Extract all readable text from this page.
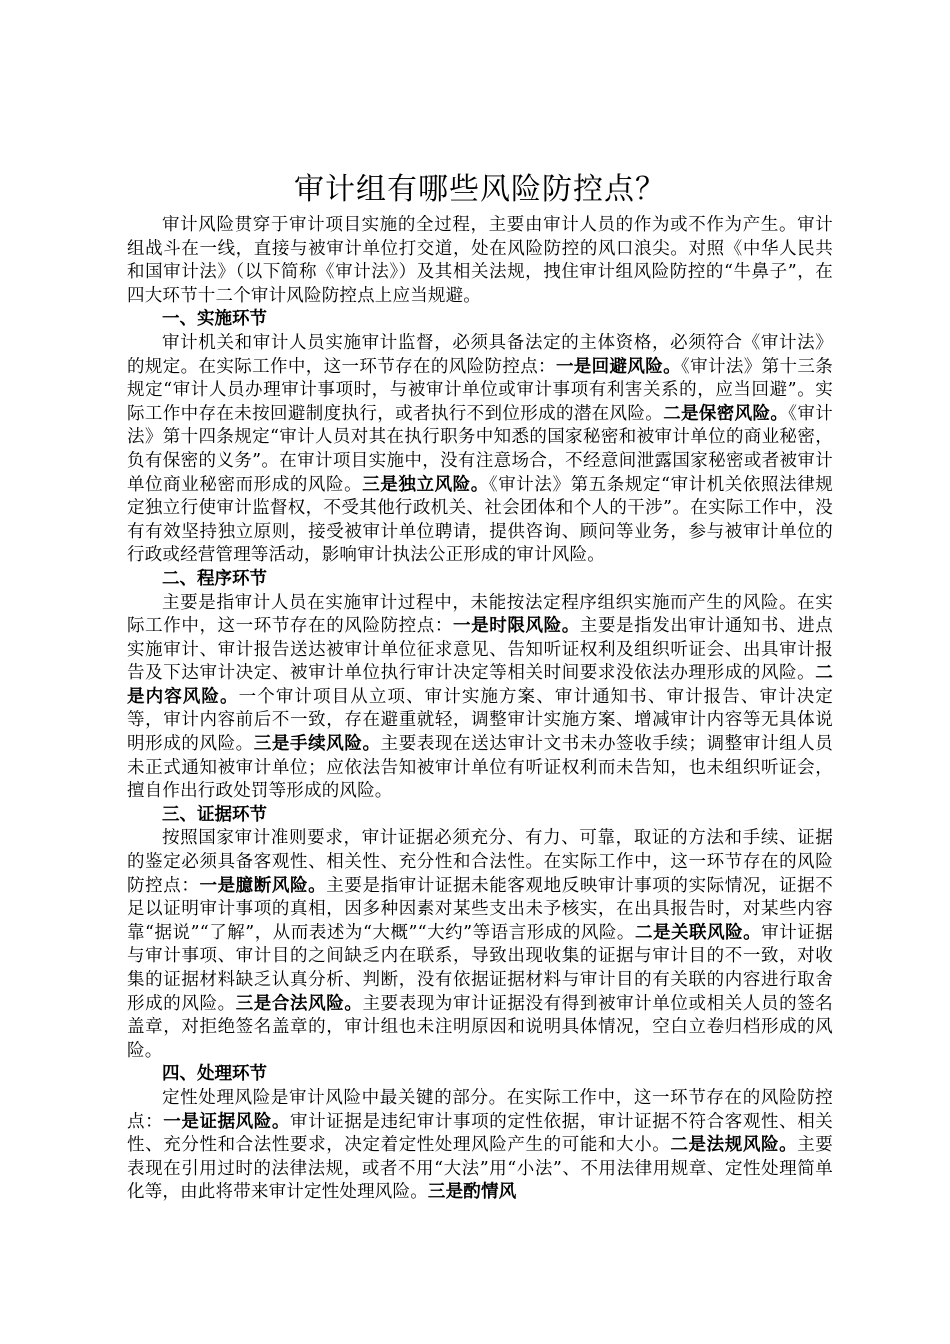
审计组有哪些风险防控点？

审计风险贯穿于审计项目实施的全过程，主要由审计人员的作为或不作为产生。审计组战斗在一线，直接与被审计单位打交道，处在风险防控的风口浪尖。对照《中华人民共和国审计法》（以下简称《审计法》）及其相关法规，拽住审计组风险防控的“牛鼻子”，在四大环节十二个审计风险防控点上应当规避。

一、实施环节

审计机关和审计人员实施审计监督，必须具备法定的主体资格，必须符合《审计法》的规定。在实际工作中，这一环节存在的风险防控点：一是回避风险。《审计法》第十三条规定“审计人员办理审计事项时，与被审计单位或审计事项有利害关系的，应当回避”。实际工作中存在未按回避制度执行，或者执行不到位形成的潜在风险。二是保密风险。《审计法》第十四条规定“审计人员对其在执行职务中知悉的国家秘密和被审计单位的商业秘密，负有保密的义务”。在审计项目实施中，没有注意场合，不经意间泄露国家秘密或者被审计单位商业秘密而形成的风险。三是独立风险。《审计法》第五条规定“审计机关依照法律规定独立行使审计监督权，不受其他行政机关、社会团体和个人的干涉”。在实际工作中，没有有效坚持独立原则，接受被审计单位聘请，提供咨询、顾问等业务，参与被审计单位的行政或经营管理等活动，影响审计执法公正形成的审计风险。

二、程序环节

主要是指审计人员在实施审计过程中，未能按法定程序组织实施而产生的风险。在实际工作中，这一环节存在的风险防控点：一是时限风险。主要是指发出审计通知书、进点实施审计、审计报告送达被审计单位征求意见、告知听证权利及组织听证会、出具审计报告及下达审计决定、被审计单位执行审计决定等相关时间要求没依法办理形成的风险。二是内容风险。一个审计项目从立项、审计实施方案、审计通知书、审计报告、审计决定等，审计内容前后不一致，存在避重就轻，调整审计实施方案、增减审计内容等无具体说明形成的风险。三是手续风险。主要表现在送达审计文书未办签收手续；调整审计组人员未正式通知被审计单位；应依法告知被审计单位有听证权利而未告知，也未组织听证会，擅自作出行政处罚等形成的风险。

三、证据环节

按照国家审计准则要求，审计证据必须充分、有力、可靠，取证的方法和手续、证据的鉴定必须具备客观性、相关性、充分性和合法性。在实际工作中，这一环节存在的风险防控点：一是臆断风险。主要是指审计证据未能客观地反映审计事项的实际情况，证据不足以证明审计事项的真相，因多种因素对某些支出未予核实，在出具报告时，对某些内容靠“据说”“了解”，从而表述为“大概”“大约”等语言形成的风险。二是关联风险。审计证据与审计事项、审计目的之间缺乏内在联系，导致出现收集的证据与审计目的不一致，对收集的证据材料缺乏认真分析、判断，没有依据证据材料与审计目的有关联的内容进行取舍形成的风险。三是合法风险。主要表现为审计证据没有得到被审计单位或相关人员的签名盖章，对拒绝签名盖章的，审计组也未注明原因和说明具体情况，空白立卷归档形成的风险。

四、处理环节

定性处理风险是审计风险中最关键的部分。在实际工作中，这一环节存在的风险防控点：一是证据风险。审计证据是违纪审计事项的定性依据，审计证据不符合客观性、相关性、充分性和合法性要求，决定着定性处理风险产生的可能和大小。二是法规风险。主要表现在引用过时的法律法规，或者不用“大法”用“小法”、不用法律用规章、定性处理简单化等，由此将带来审计定性处理风险。三是酌情风
